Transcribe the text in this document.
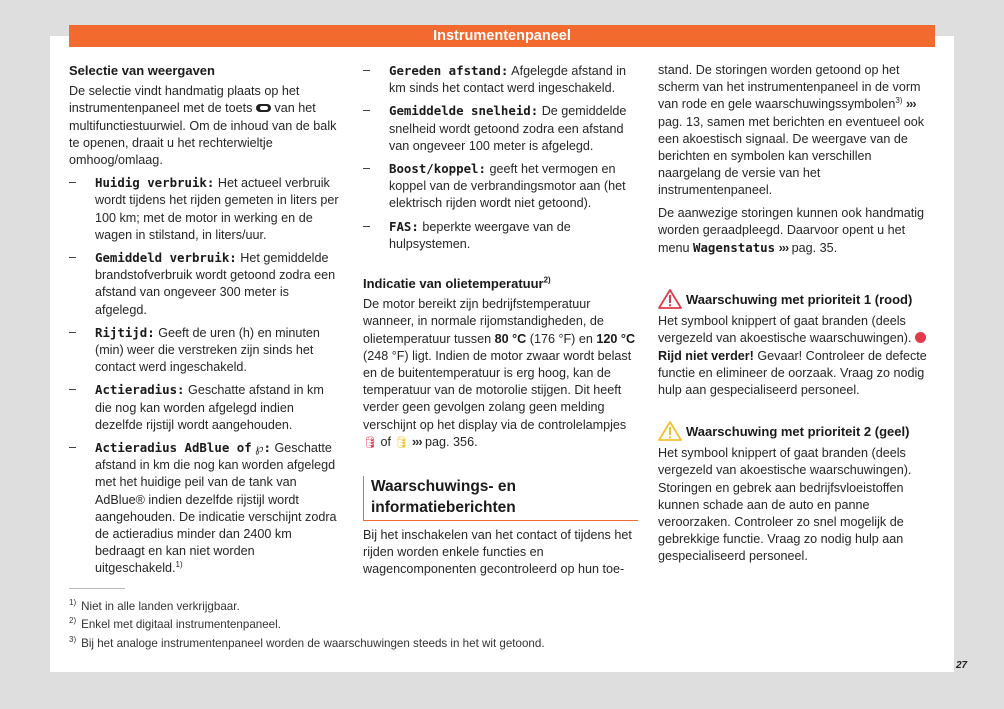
Instrumentenpaneel
Selectie van weergaven

De selectie vindt handmatig plaats op het instrumentenpaneel met de toets van het multifunctiestuurwiel. Om de inhoud van de balk te openen, draait u het rechterwieltje omhoog/omlaag.

– Huidig verbruik: Het actueel verbruik wordt tijdens het rijden gemeten in liters per 100 km; met de motor in werking en de wagen in stilstand, in liters/uur.
– Gemiddeld verbruik: Het gemiddelde brandstofverbruik wordt getoond zodra een afstand van ongeveer 300 meter is afgelegd.
– Rijtijd: Geeft de uren (h) en minuten (min) weer die verstreken zijn sinds het contact werd ingeschakeld.
– Actieradius: Geschatte afstand in km die nog kan worden afgelegd indien dezelfde rijstijl wordt aangehouden.
– Actieradius AdBlue of ℘: Geschatte afstand in km die nog kan worden afgelegd met het huidige peil van de tank van AdBlue® indien dezelfde rijstijl wordt aangehouden. De indicatie verschijnt zodra de actieradius minder dan 2400 km bedraagt en kan niet worden uitgeschakeld.$^{1)}$
– Gereden afstand: Afgelegde afstand in km sinds het contact werd ingeschakeld.
– Gemiddelde snelheid: De gemiddelde snelheid wordt getoond zodra een afstand van ongeveer 100 meter is afgelegd.
– Boost/koppel: geeft het vermogen en koppel van de verbrandingsmotor aan (het elektrisch rijden wordt niet getoond).
– FAS: beperkte weergave van de hulpsystemen.
Indicatie van olietemperatuur$^{2)}$

De motor bereikt zijn bedrijfstemperatuur wanneer, in normale rijomstandigheden, de olietemperatuur tussen 80 °C (176 °F) en 120 °C (248 °F) ligt. Indien de motor zwaar wordt belast en de buitentemperatuur is erg hoog, kan de temperatuur van de motorolie stijgen. Dit heeft verder geen gevolgen zolang geen melding verschijnt op het display via de controlelampjes 🛢 of 🛢 ››› pag. 356.

Waarschuwings- en informatieberichten

Bij het inschakelen van het contact of tijdens het rijden worden enkele functies en wagencomponenten gecontroleerd op hun toe-

stand. De storingen worden getoond op het scherm van het instrumentenpaneel in de vorm van rode en gele waarschuwingssymbolen$^{3)}$ ››› pag. 13, samen met berichten en eventueel ook een akoestisch signaal. De weergave van de berichten en symbolen kan verschillen naargelang de versie van het instrumentenpaneel.

De aanwezige storingen kunnen ook handmatig worden geraadpleegd. Daarvoor opent u het menu Wagenstatus ››› pag. 35.

Waarschuwing met prioriteit 1 (rood)

Het symbool knippert of gaat branden (deels vergezeld van akoestische waarschuwingen). Rijd niet verder! Gevaar! Controleer de defecte functie en elimineer de oorzaak. Vraag zo nodig hulp aan gespecialiseerd personeel.

Waarschuwing met prioriteit 2 (geel)

Het symbool knippert of gaat branden (deels vergezeld van akoestische waarschuwingen). Storingen en gebrek aan bedrijfsvloeistoffen kunnen schade aan de auto en panne veroorzaken. Controleer zo snel mogelijk de gebrekkige functie. Vraag zo nodig hulp aan gespecialiseerd personeel.

$^{1)}$ Niet in alle landen verkrijgbaar.
$^{2)}$ Enkel met digitaal instrumentenpaneel.
$^{3)}$ Bij het analoge instrumentenpaneel worden de waarschuwingen steeds in het wit getoond.
27
